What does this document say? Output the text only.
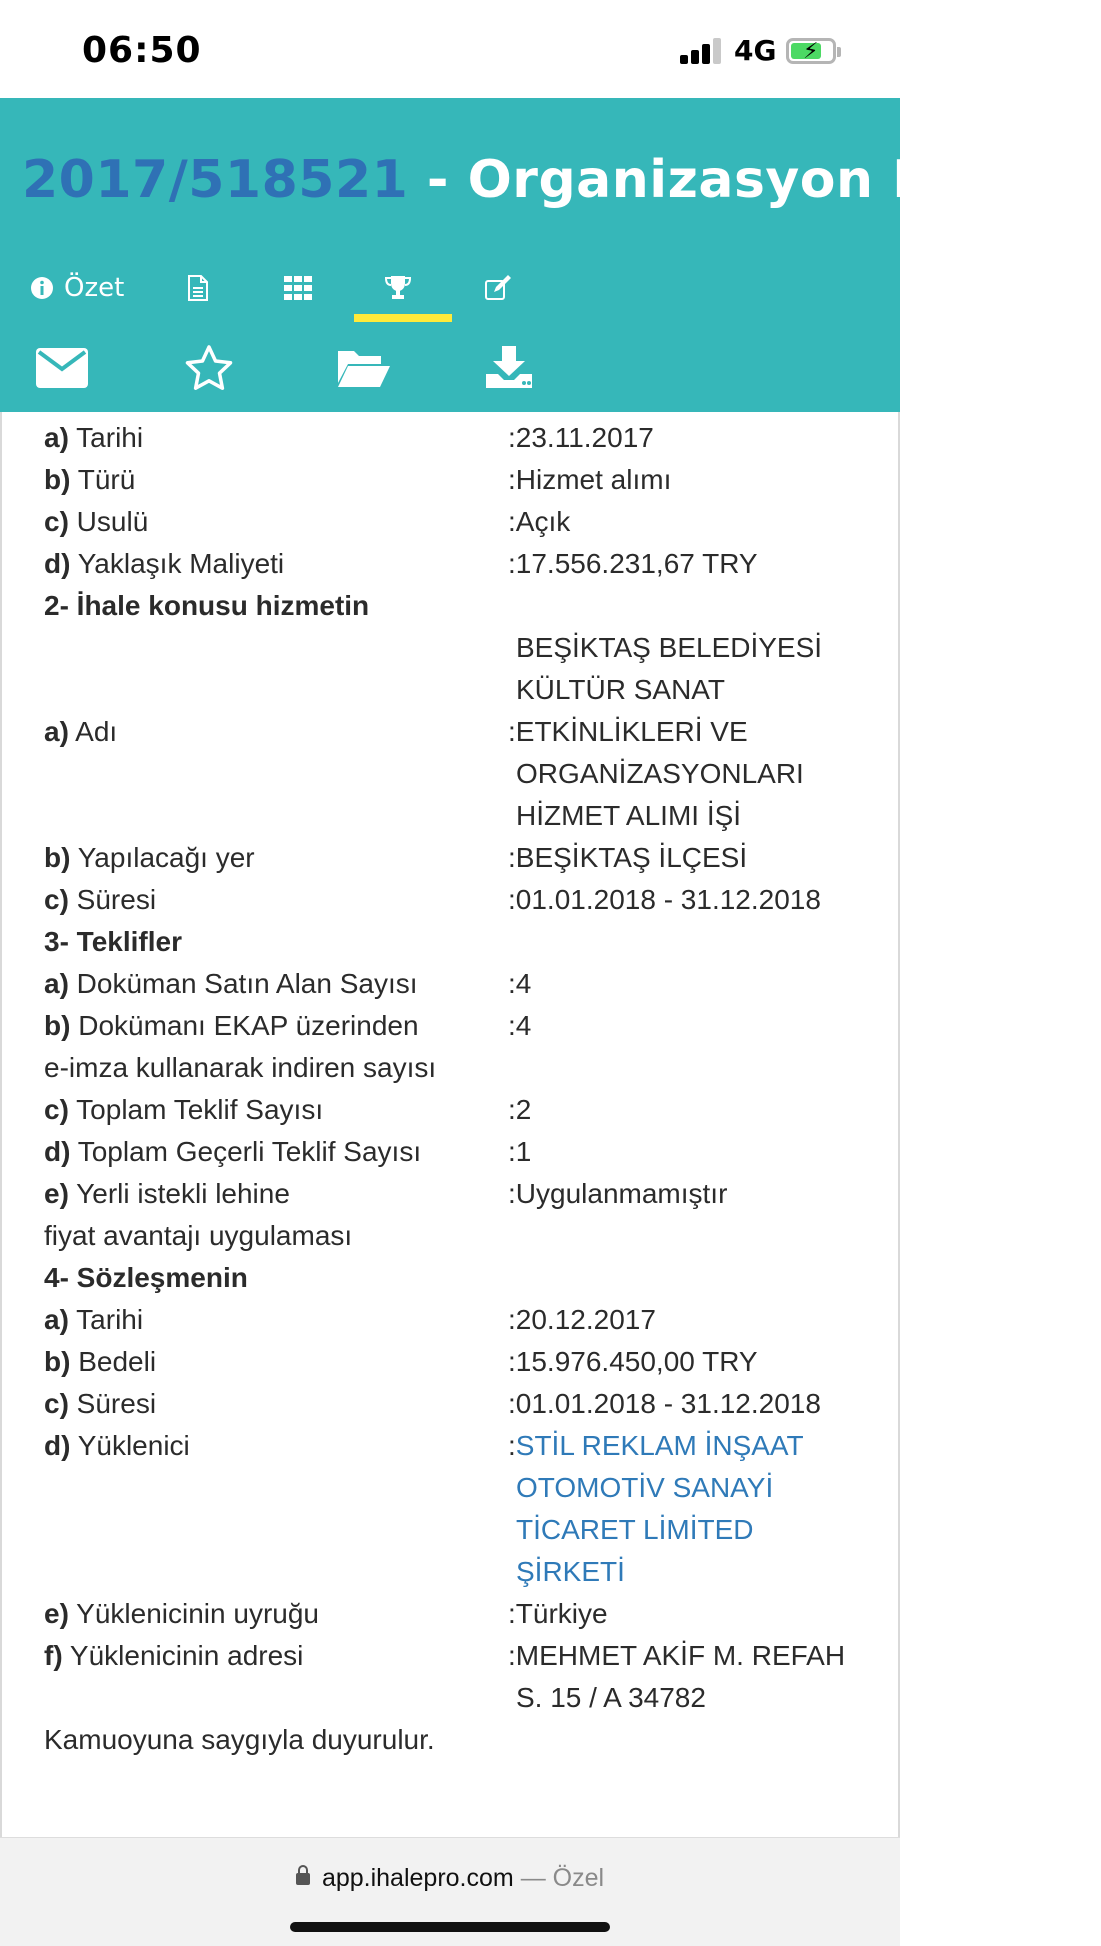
06:50	4G ⚡
2017/518521 - Organizasyon Hizm...
Özet
a) Tarihi	:23.11.2017
b) Türü	:Hizmet alımı
c) Usulü	:Açık
d) Yaklaşık Maliyeti	:17.556.231,67 TRY
2- İhale konusu hizmetin
BEŞİKTAŞ BELEDİYESİ
KÜLTÜR SANAT
a) Adı	:ETKİNLİKLERİ VE
ORGANİZASYONLARI
HİZMET ALIMI İŞİ
b) Yapılacağı yer	:BEŞİKTAŞ İLÇESİ
c) Süresi	:01.01.2018 - 31.12.2018
3- Teklifler
a) Doküman Satın Alan Sayısı	:4
b) Dokümanı EKAP üzerinden	:4
e-imza kullanarak indiren sayısı
c) Toplam Teklif Sayısı	:2
d) Toplam Geçerli Teklif Sayısı	:1
e) Yerli istekli lehine	:Uygulanmamıştır
fiyat avantajı uygulaması
4- Sözleşmenin
a) Tarihi	:20.12.2017
b) Bedeli	:15.976.450,00 TRY
c) Süresi	:01.01.2018 - 31.12.2018
d) Yüklenici	:STİL REKLAM İNŞAAT
OTOMOTİV SANAYİ
TİCARET LİMİTED
ŞİRKETİ
e) Yüklenicinin uyruğu	:Türkiye
f) Yüklenicinin adresi	:MEHMET AKİF M. REFAH
S. 15 / A 34782
Kamuoyuna saygıyla duyurulur.
app.ihalepro.com — Özel
